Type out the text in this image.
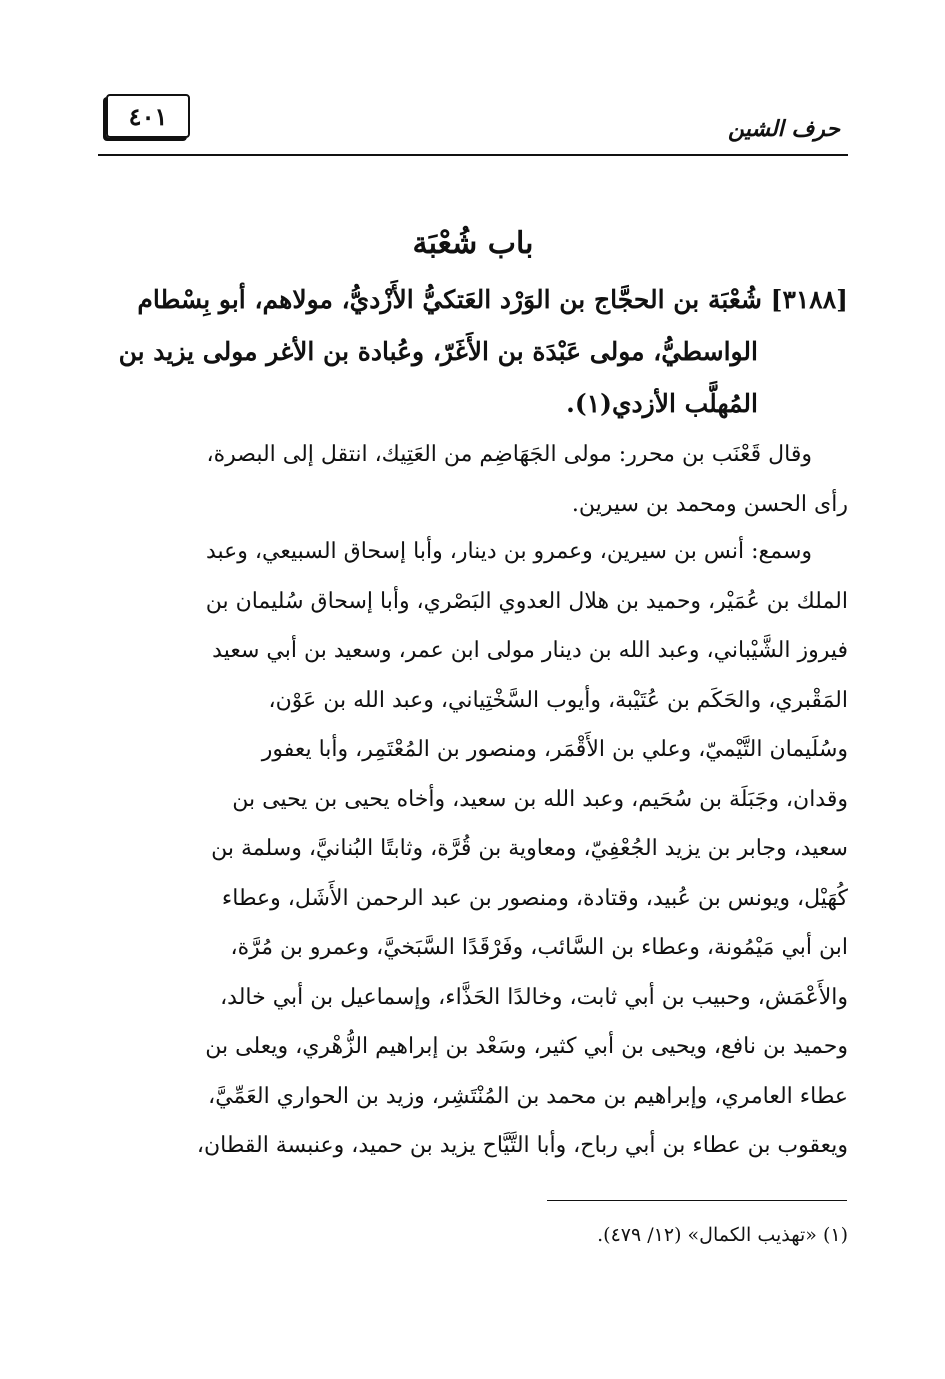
حرف الشين
٤٠١
باب شُعْبَة
[٣١٨٨] شُعْبَة بن الحجَّاج بن الوَرْد العَتكيُّ الأَزْديُّ، مولاهم، أبو بِسْطام
الواسطيُّ، مولى عَبْدَة بن الأَغَرّ، وعُبادة بن الأغر مولى يزيد بن
المُهلَّب الأزدي(١).
وقال قَعْنَب بن محرر: مولى الجَهَاضِم من العَتِيك، انتقل إلى البصرة،
رأى الحسن ومحمد بن سيرين.
وسمع: أنس بن سيرين، وعمرو بن دينار، وأبا إسحاق السبيعي، وعبد
الملك بن عُمَيْر، وحميد بن هلال العدوي البَصْري، وأبا إسحاق سُليمان بن
فيروز الشَّيْباني، وعبد الله بن دينار مولى ابن عمر، وسعيد بن أبي سعيد
المَقْبري، والحَكَم بن عُتَيْبة، وأيوب السَّخْتِياني، وعبد الله بن عَوْن،
وسُلَيمان التَّيْميّ، وعلي بن الأَقْمَر، ومنصور بن المُعْتَمِر، وأبا يعفور
وقدان، وجَبَلَة بن سُحَيم، وعبد الله بن سعيد، وأخاه يحيى بن يحيى بن
سعيد، وجابر بن يزيد الجُعْفِيّ، ومعاوية بن قُرَّة، وثابتًا البُنانيَّ، وسلمة بن
كُهَيْل، ويونس بن عُبيد، وقتادة، ومنصور بن عبد الرحمن الأَشَل، وعطاء
ابن أبي مَيْمُونة، وعطاء بن السَّائب، وفَرْقَدًا السَّبَخيَّ، وعمرو بن مُرَّة،
والأَعْمَش، وحبيب بن أبي ثابت، وخالدًا الحَذَّاء، وإسماعيل بن أبي خالد،
وحميد بن نافع، ويحيى بن أبي كثير، وسَعْد بن إبراهيم الزُّهْري، ويعلى بن
عطاء العامري، وإبراهيم بن محمد بن المُنْتَشِر، وزيد بن الحواري العَمِّيَّ،
ويعقوب بن عطاء بن أبي رباح، وأبا التَّيَّاح يزيد بن حميد، وعنبسة القطان،
(١) «تهذيب الكمال» (١٢/ ٤٧٩).
